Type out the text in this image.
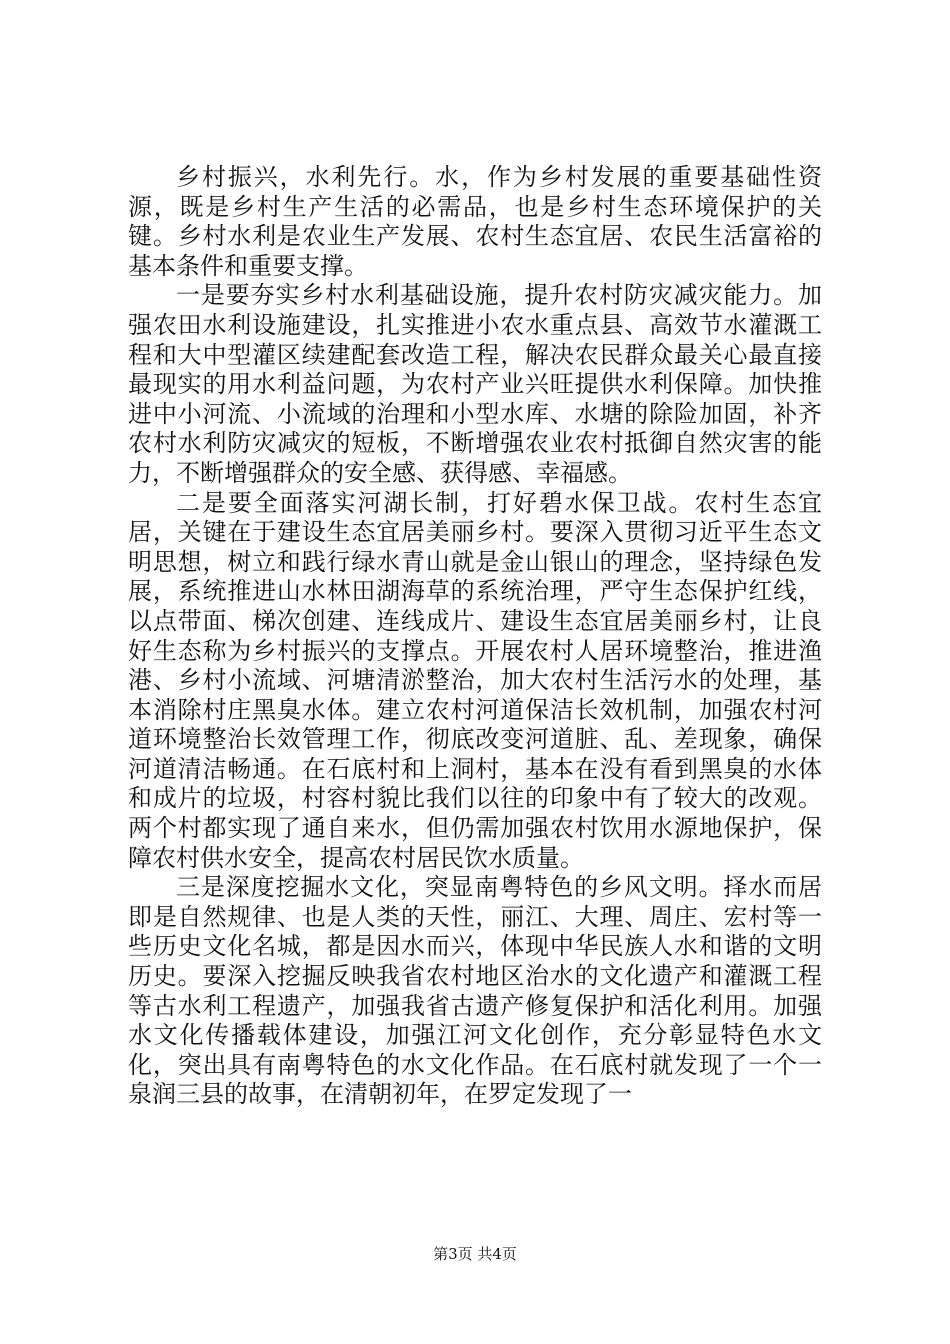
乡村振兴，水利先行。水，作为乡村发展的重要基础性资源，既是乡村生产生活的必需品，也是乡村生态环境保护的关键。乡村水利是农业生产发展、农村生态宜居、农民生活富裕的基本条件和重要支撑。

一是要夯实乡村水利基础设施，提升农村防灾减灾能力。加强农田水利设施建设，扎实推进小农水重点县、高效节水灌溉工程和大中型灌区续建配套改造工程，解决农民群众最关心最直接最现实的用水利益问题，为农村产业兴旺提供水利保障。加快推进中小河流、小流域的治理和小型水库、水塘的除险加固，补齐农村水利防灾减灾的短板，不断增强农业农村抵御自然灾害的能力，不断增强群众的安全感、获得感、幸福感。

二是要全面落实河湖长制，打好碧水保卫战。农村生态宜居，关键在于建设生态宜居美丽乡村。要深入贯彻习近平生态文明思想，树立和践行绿水青山就是金山银山的理念，坚持绿色发展，系统推进山水林田湖海草的系统治理，严守生态保护红线，以点带面、梯次创建、连线成片、建设生态宜居美丽乡村，让良好生态称为乡村振兴的支撑点。开展农村人居环境整治，推进渔港、乡村小流域、河塘清淤整治，加大农村生活污水的处理，基本消除村庄黑臭水体。建立农村河道保洁长效机制，加强农村河道环境整治长效管理工作，彻底改变河道脏、乱、差现象，确保河道清洁畅通。在石底村和上洞村，基本在没有看到黑臭的水体和成片的垃圾，村容村貌比我们以往的印象中有了较大的改观。两个村都实现了通自来水，但仍需加强农村饮用水源地保护，保障农村供水安全，提高农村居民饮水质量。

三是深度挖掘水文化，突显南粤特色的乡风文明。择水而居即是自然规律、也是人类的天性，丽江、大理、周庄、宏村等一些历史文化名城，都是因水而兴，体现中华民族人水和谐的文明历史。要深入挖掘反映我省农村地区治水的文化遗产和灌溉工程等古水利工程遗产，加强我省古遗产修复保护和活化利用。加强水文化传播载体建设，加强江河文化创作，充分彰显特色水文化，突出具有南粤特色的水文化作品。在石底村就发现了一个一泉润三县的故事，在清朝初年，在罗定发现了一

第3页 共4页
